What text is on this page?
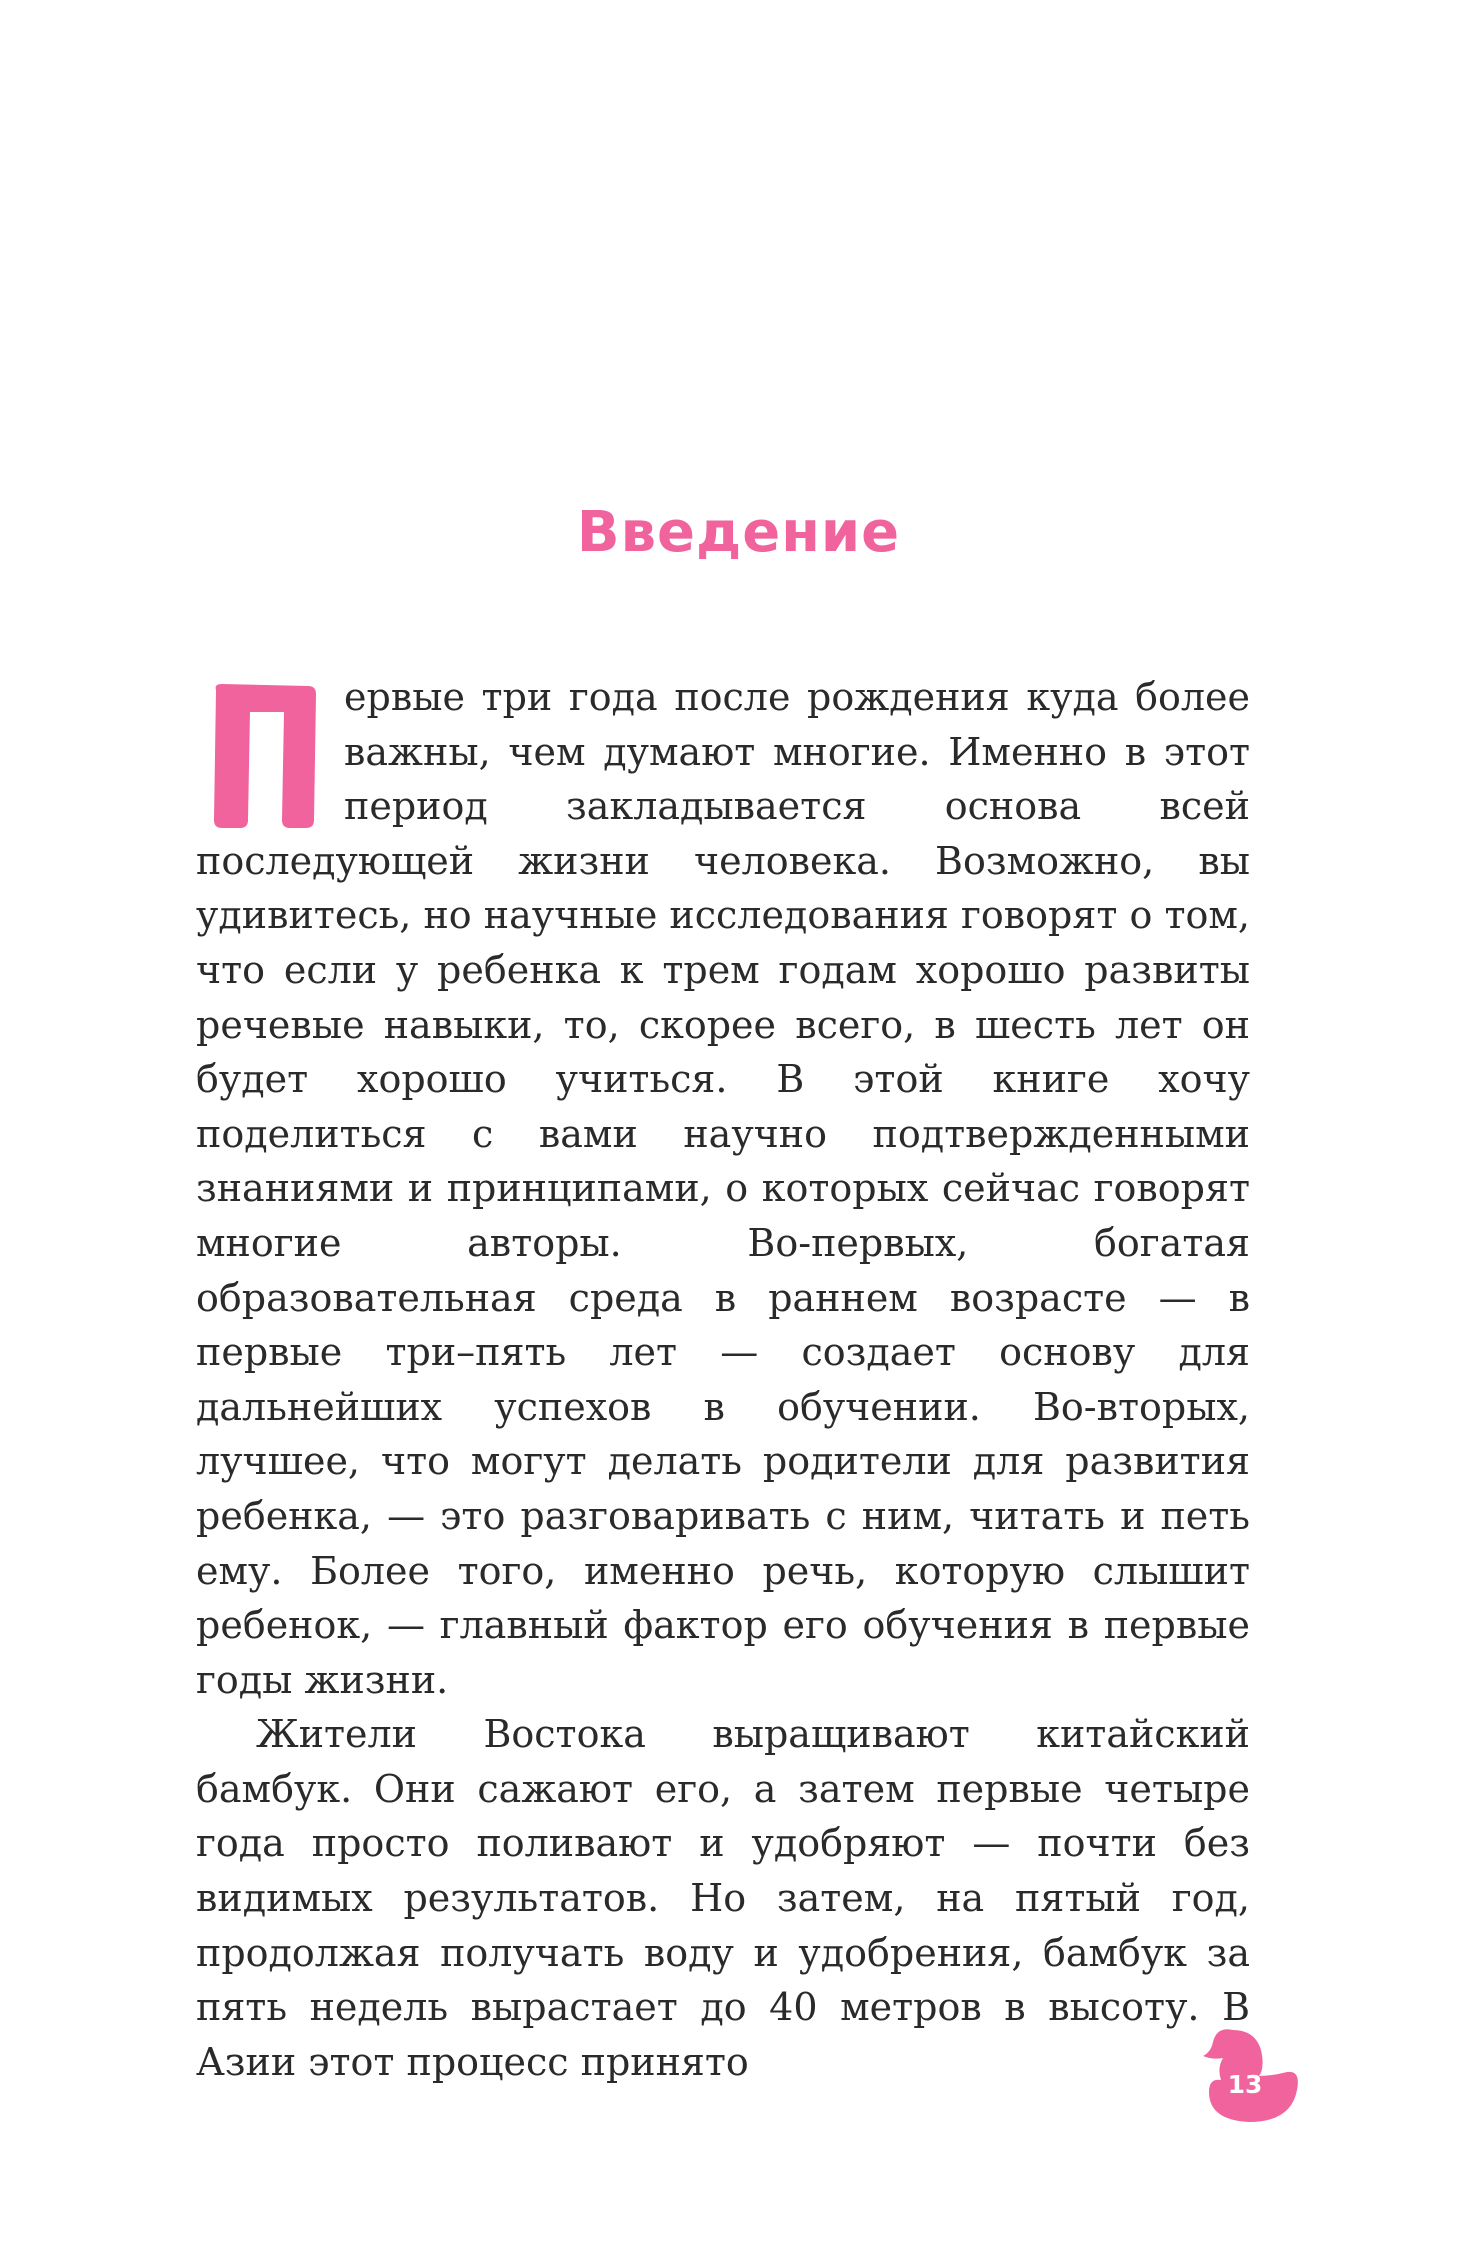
Введение

ервые три года после рождения куда более важны, чем думают многие. Именно в этот период закладывается основа всей последующей жизни человека. Возможно, вы удивитесь, но научные исследования говорят о том, что если у ребенка к трем годам хорошо развиты речевые навыки, то, скорее всего, в шесть лет он будет хорошо учиться. В этой книге хочу поделиться с вами научно подтвержденными знаниями и принципами, о которых сейчас говорят многие авторы. Во-первых, богатая образовательная среда в раннем возрасте — в первые три–пять лет — создает основу для дальнейших успехов в обучении. Во-вторых, лучшее, что могут делать родители для развития ребенка, — это разговаривать с ним, читать и петь ему. Более того, именно речь, которую слышит ребенок, — главный фактор его обучения в первые годы жизни.

Жители Востока выращивают китайский бамбук. Они сажают его, а затем первые четыре года просто поливают и удобряют — почти без видимых результатов. Но затем, на пятый год, продолжая получать воду и удобрения, бамбук за пять недель вырастает до 40 метров в высоту. В Азии этот процесс принято

13
